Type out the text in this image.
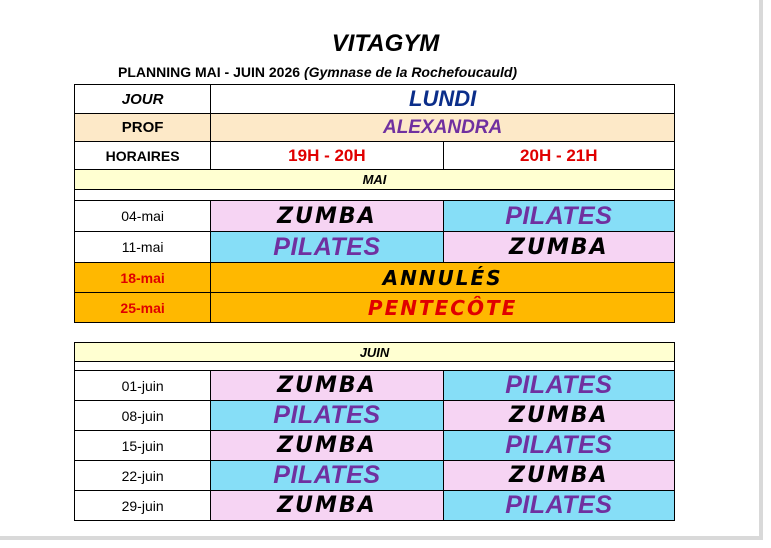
VITAGYM
PLANNING MAI - JUIN 2026 (Gymnase de la Rochefoucauld)
JOUR	LUNDI	
PROF	ALEXANDRA	
HORAIRES	19H - 20H	20H - 21H
MAI		

04-mai	ZUMBA	PILATES
11-mai	PILATES	ZUMBA
18-mai	ANNULÉS	
25-mai	PENTECÔTE	
JUIN		

01-juin	ZUMBA	PILATES
08-juin	PILATES	ZUMBA
15-juin	ZUMBA	PILATES
22-juin	PILATES	ZUMBA
29-juin	ZUMBA	PILATES
